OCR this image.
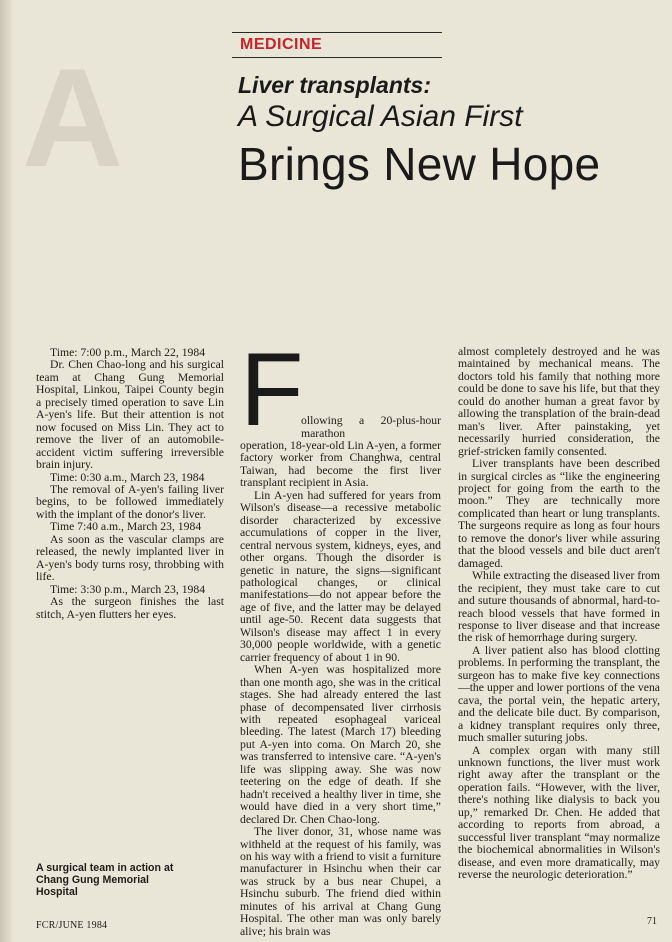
A	MEDICINE
Liver transplants:
A Surgical Asian First
Brings New Hope

Time: 7:00 p.m., March 22, 1984

Dr. Chen Chao-long and his surgical team at Chang Gung Memorial Hospital, Linkou, Taipei County begin a precisely timed operation to save Lin A-yen's life. But their attention is not now focused on Miss Lin. They act to remove the liver of an automobile-accident victim suffering irreversible brain injury.

Time: 0:30 a.m., March 23, 1984

The removal of A-yen's failing liver begins, to be followed immediately with the implant of the donor's liver.

Time 7:40 a.m., March 23, 1984

As soon as the vascular clamps are released, the newly implanted liver in A-yen's body turns rosy, throbbing with life.

Time: 3:30 p.m., March 23, 1984

As the surgeon finishes the last stitch, A-yen flutters her eyes.

F
ollowing a 20-plus-hour marathon

operation, 18-year-old Lin A-yen, a former factory worker from Changhwa, central Taiwan, had become the first liver transplant recipient in Asia.

Lin A-yen had suffered for years from Wilson's disease—a recessive metabolic disorder characterized by excessive accumulations of copper in the liver, central nervous system, kidneys, eyes, and other organs. Though the disorder is genetic in nature, the signs—significant pathological changes, or clinical manifestations—do not appear before the age of five, and the latter may be delayed until age-50. Recent data suggests that Wilson's disease may affect 1 in every 30,000 people worldwide, with a genetic carrier frequency of about 1 in 90.

When A-yen was hospitalized more than one month ago, she was in the critical stages. She had already entered the last phase of decompensated liver cirrhosis with repeated esophageal variceal bleeding. The latest (March 17) bleeding put A-yen into coma. On March 20, she was transferred to intensive care. “A-yen's life was slipping away. She was now teetering on the edge of death. If she hadn't received a healthy liver in time, she would have died in a very short time,” declared Dr. Chen Chao-long.

The liver donor, 31, whose name was withheld at the request of his family, was on his way with a friend to visit a furniture manufacturer in Hsinchu when their car was struck by a bus near Chupei, a Hsinchu suburb. The friend died within minutes of his arrival at Chang Gung Hospital. The other man was only barely alive; his brain was

almost completely destroyed and he was maintained by mechanical means. The doctors told his family that nothing more could be done to save his life, but that they could do another human a great favor by allowing the transplation of the brain-dead man's liver. After painstaking, yet necessarily hurried consideration, the grief-stricken family consented.

Liver transplants have been described in surgical circles as “like the engineering project for going from the earth to the moon.” They are technically more complicated than heart or lung transplants. The surgeons require as long as four hours to remove the donor's liver while assuring that the blood vessels and bile duct aren't damaged.

While extracting the diseased liver from the recipient, they must take care to cut and suture thousands of abnormal, hard-to-reach blood vessels that have formed in response to liver disease and that increase the risk of hemorrhage during surgery.

A liver patient also has blood clotting problems. In performing the transplant, the surgeon has to make five key connections—the upper and lower portions of the vena cava, the portal vein, the hepatic artery, and the delicate bile duct. By comparison, a kidney transplant requires only three, much smaller suturing jobs.

A complex organ with many still unknown functions, the liver must work right away after the transplant or the operation fails. “However, with the liver, there's nothing like dialysis to back you up,” remarked Dr. Chen. He added that according to reports from abroad, a successful liver transplant “may normalize the biochemical abnormalities in Wilson's disease, and even more dramatically, may reverse the neurologic deterioration.”

A surgical team in action at Chang Gung Memorial Hospital
FCR/JUNE 1984	71
